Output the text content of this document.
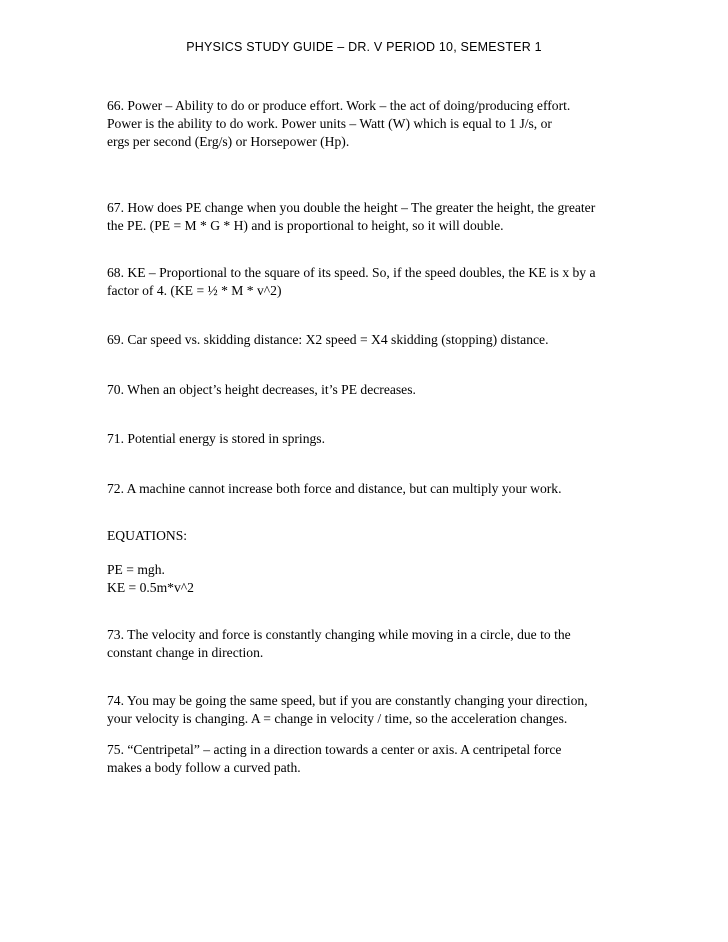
PHYSICS STUDY GUIDE – DR. V PERIOD 10, SEMESTER 1

66. Power – Ability to do or produce effort. Work – the act of doing/producing effort.
Power is the ability to do work. Power units – Watt (W) which is equal to 1 J/s, or
ergs per second (Erg/s) or Horsepower (Hp).

67. How does PE change when you double the height – The greater the height, the greater
the PE. (PE = M * G * H) and is proportional to height, so it will double.

68. KE – Proportional to the square of its speed. So, if the speed doubles, the KE is x by a
factor of 4. (KE = ½ * M * v^2)

69. Car speed vs. skidding distance: X2 speed = X4 skidding (stopping) distance.

70. When an object’s height decreases, it’s PE decreases.

71. Potential energy is stored in springs.

72. A machine cannot increase both force and distance, but can multiply your work.

EQUATIONS:

PE = mgh.
KE = 0.5m*v^2

73. The velocity and force is constantly changing while moving in a circle, due to the
constant change in direction.

74. You may be going the same speed, but if you are constantly changing your direction,
your velocity is changing. A = change in velocity / time, so the acceleration changes.

75. “Centripetal” – acting in a direction towards a center or axis. A centripetal force
makes a body follow a curved path.
